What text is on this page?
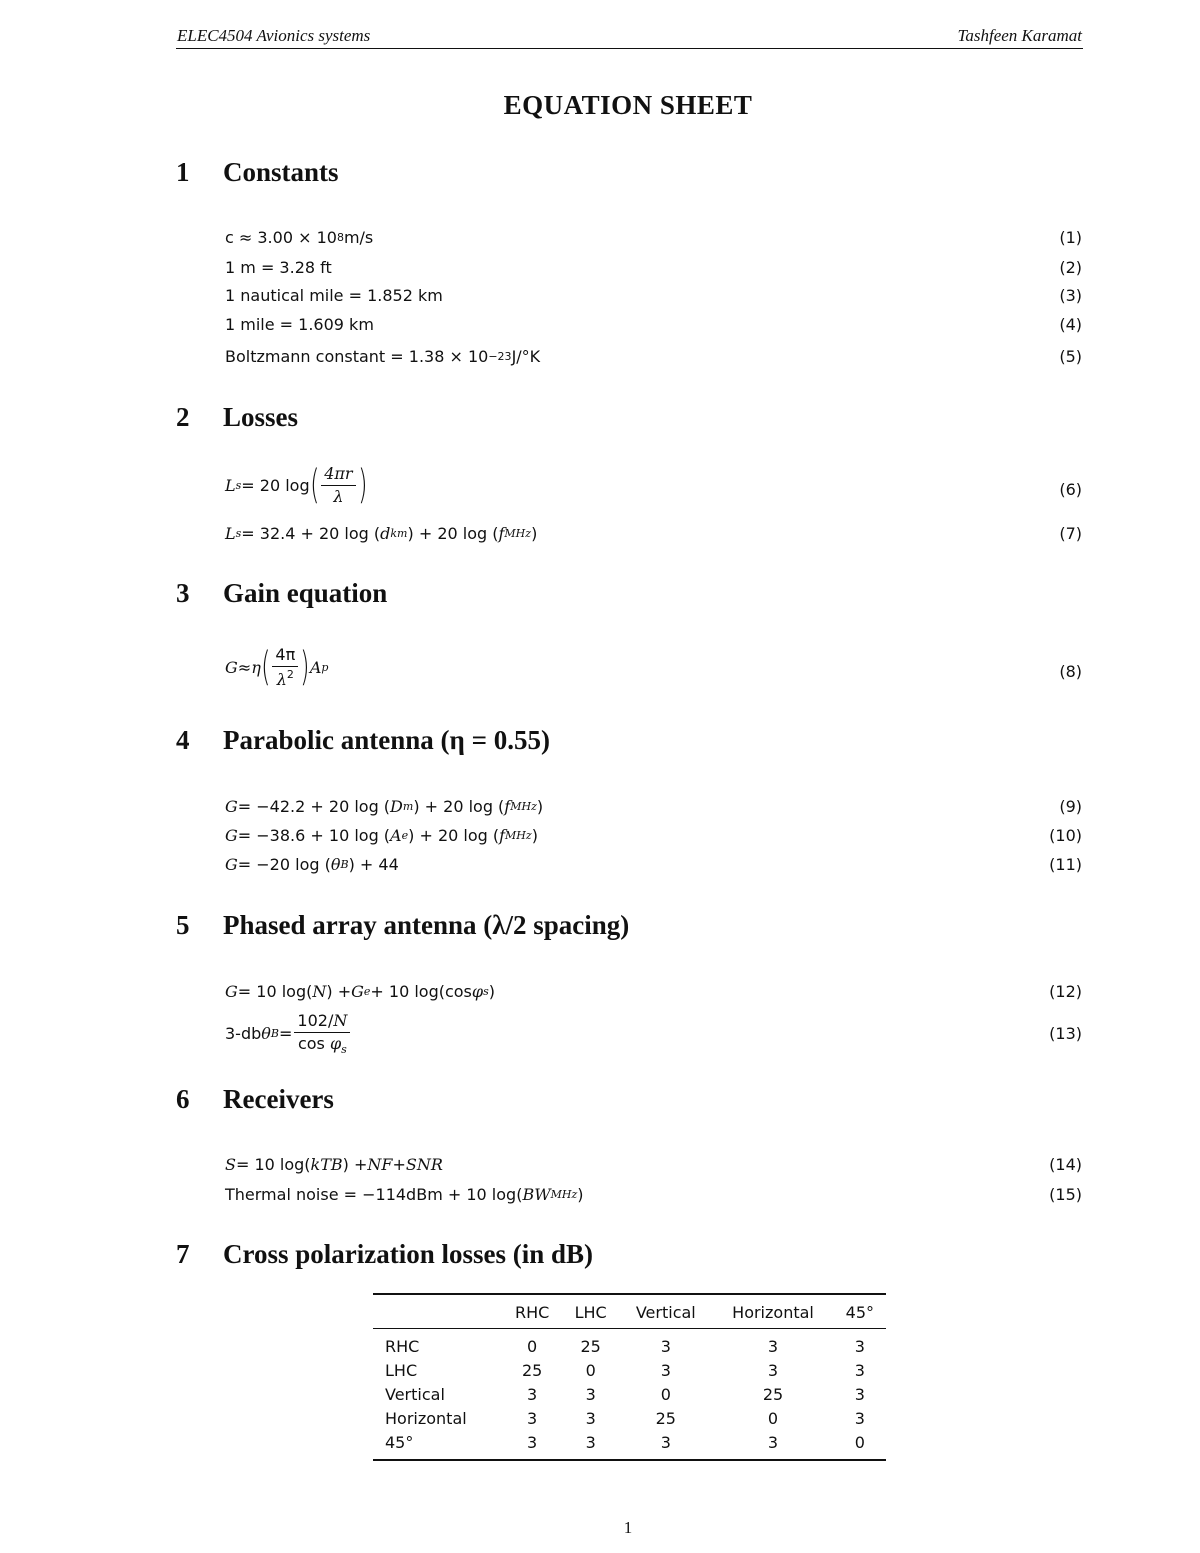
ELEC4504 Avionics systems	Tashfeen Karamat
EQUATION SHEET
1 Constants
c ≈ 3.00 × 10 8 m/s	(1)
1 m = 3.28 ft	(2)
1 nautical mile = 1.852 km	(3)
1 mile = 1.609 km	(4)
Boltzmann constant = 1.38 × 10 −23 J/°K	(5)
2 Losses
L s = 20 log ( $\frac{4\pi r}{\lambda}$ )	(6)
L s = 32.4 + 20 log ( d km ) + 20 log ( f MHz )	(7)
3 Gain equation
G ≈ η ( $\frac{4\pi}{\lambda^2}$ ) A p	(8)
4 Parabolic antenna (η = 0.55)
G = −42.2 + 20 log ( D m ) + 20 log ( f MHz )	(9)
G = −38.6 + 10 log ( A e ) + 20 log ( f MHz )	(10)
G = −20 log ( θ B ) + 44	(11)
5 Phased array antenna (λ/2 spacing)
G = 10 log( N ) + G e + 10 log(cos φ s )	(12)
3-db θ $B = \frac{102/N}{\cos \varphi_s}$	(13)
6 Receivers
S = 10 log( kTB ) + NF + SNR	(14)
Thermal noise = −114dBm + 10 log( BW MHz )	(15)
7 Cross polarization losses (in dB)
	RHC	LHC	Vertical	Horizontal	45°
RHC	0	25	3	3	3
LHC	25	0	3	3	3
Vertical	3	3	0	25	3
Horizontal	3	3	25	0	3
45°	3	3	3	3	0
1
